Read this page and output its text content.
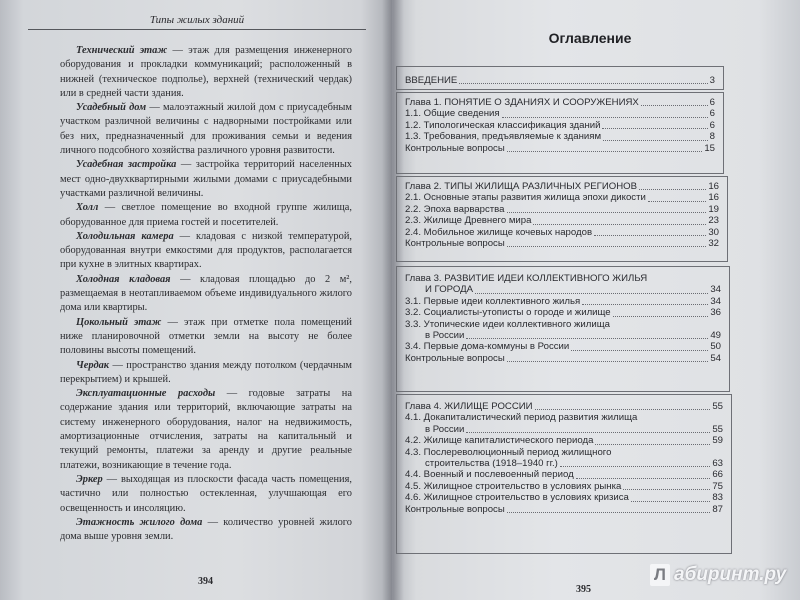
Типы жилых зданий

Технический этаж — этаж для размещения инженерного оборудования и прокладки коммуникаций; расположенный в нижней (техническое подполье), верхней (технический чердак) или в средней части здания.

Усадебный дом — малоэтажный жилой дом с приусадебным участком различной величины с надворными постройками или без них, предназначенный для проживания семьи и ведения личного подсобного хозяйства различного уровня развитости.

Усадебная застройка — застройка территорий населенных мест одно-двухквартирными жилыми домами с приусадебными участками различной величины.

Холл — светлое помещение во входной группе жилища, оборудованное для приема гостей и посетителей.

Холодильная камера — кладовая с низкой температурой, оборудованная внутри емкостями для продуктов, располагается при кухне в элитных квартирах.

Холодная кладовая — кладовая площадью до 2 м², размещаемая в неотапливаемом объеме индивидуального жилого дома или квартиры.

Цокольный этаж — этаж при отметке пола помещений ниже планировочной отметки земли на высоту не более половины высоты помещений.

Чердак — пространство здания между потолком (чердачным перекрытием) и крышей.

Эксплуатационные расходы — годовые затраты на содержание здания или территорий, включающие затраты на систему инженерного оборудования, налог на недвижимость, амортизационные отчисления, затраты на капитальный и текущий ремонты, платежи за аренду и другие реальные платежи, возникающие в течение года.

Эркер — выходящая из плоскости фасада часть помещения, частично или полностью остекленная, улучшающая его освещенность и инсоляцию.

Этажность жилого дома — количество уровней жилого дома выше уровня земли.

394
Оглавление
ВВЕДЕНИЕ	3
Глава 1. ПОНЯТИЕ О ЗДАНИЯХ И СООРУЖЕНИЯХ	6
1.1. Общие сведения	6
1.2. Типологическая классификация зданий	6
1.3. Требования, предъявляемые к зданиям	8
Контрольные вопросы	15
Глава 2. ТИПЫ ЖИЛИЩА РАЗЛИЧНЫХ РЕГИОНОВ	16
2.1. Основные этапы развития жилища эпохи дикости	16
2.2. Эпоха варварства	19
2.3. Жилище Древнего мира	23
2.4. Мобильное жилище кочевых народов	30
Контрольные вопросы	32
Глава 3. РАЗВИТИЕ ИДЕИ КОЛЛЕКТИВНОГО ЖИЛЬЯ
И ГОРОДА	34
3.1. Первые идеи коллективного жилья	34
3.2. Социалисты-утописты о городе и жилище	36
3.3. Утопические идеи коллективного жилища
в России	49
3.4. Первые дома-коммуны в России	50
Контрольные вопросы	54
Глава 4. ЖИЛИЩЕ РОССИИ	55
4.1. Докапиталистический период развития жилища
в России	55
4.2. Жилище капиталистического периода	59
4.3. Послереволюционный период жилищного
строительства (1918–1940 гг.)	63
4.4. Военный и послевоенный период	66
4.5. Жилищное строительство в условиях рынка	75
4.6. Жилищное строительство в условиях кризиса	83
Контрольные вопросы	87
395
Л абиринт.ру
